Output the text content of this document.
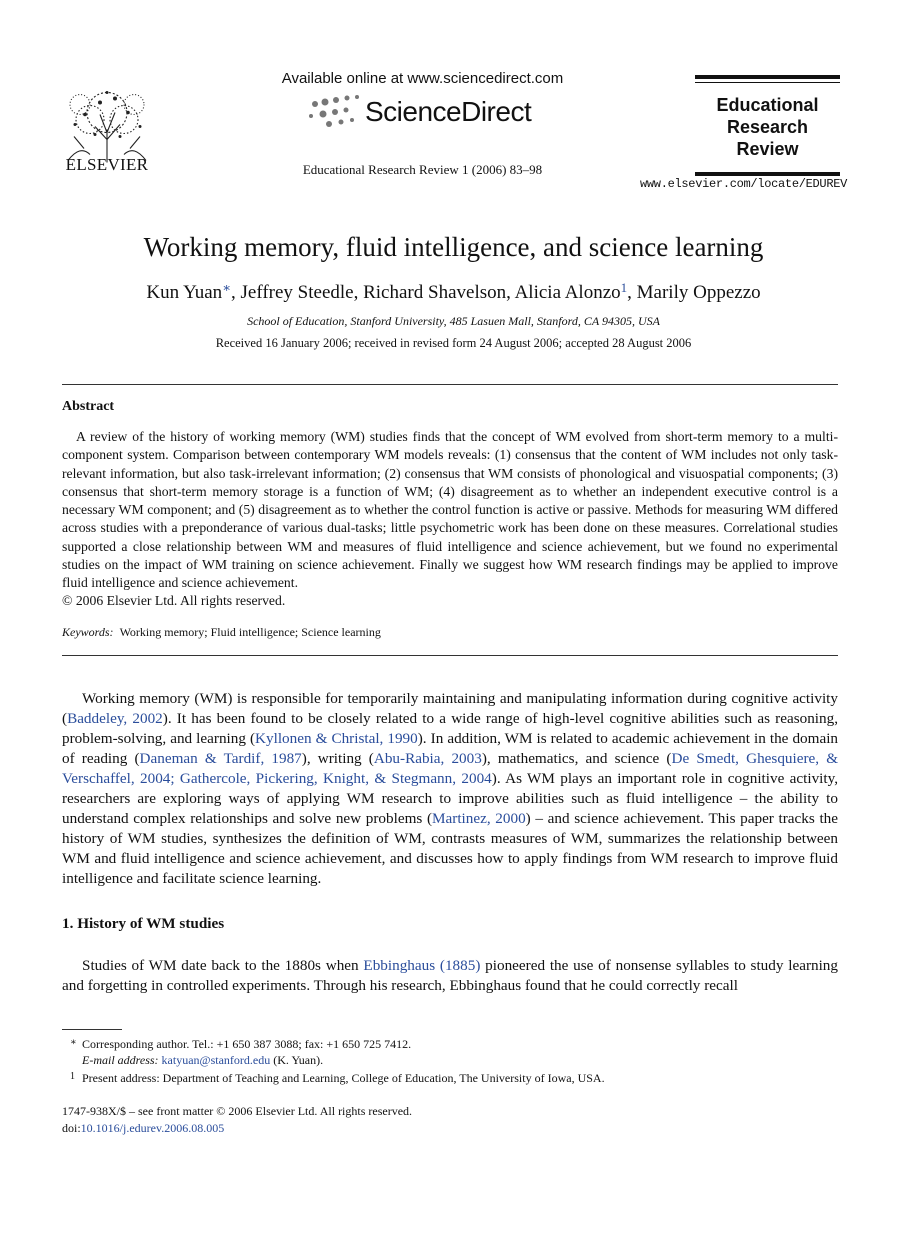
ELSEVIER
Available online at www.sciencedirect.com
ScienceDirect
Educational Research Review 1 (2006) 83–98
Educational
Research
Review
www.elsevier.com/locate/EDUREV
Working memory, fluid intelligence, and science learning
Kun Yuan∗, Jeffrey Steedle, Richard Shavelson, Alicia Alonzo$^1$, Marily Oppezzo
School of Education, Stanford University, 485 Lasuen Mall, Stanford, CA 94305, USA
Received 16 January 2006; received in revised form 24 August 2006; accepted 28 August 2006
Abstract
A review of the history of working memory (WM) studies finds that the concept of WM evolved from short-term memory to a multi-component system. Comparison between contemporary WM models reveals: (1) consensus that the content of WM includes not only task-relevant information, but also task-irrelevant information; (2) consensus that WM consists of phonological and visuospatial components; (3) consensus that short-term memory storage is a function of WM; (4) disagreement as to whether an independent executive control is a necessary WM component; and (5) disagreement as to whether the control function is active or passive. Methods for measuring WM differed across studies with a preponderance of various dual-tasks; little psychometric work has been done on these measures. Correlational studies supported a close relationship between WM and measures of fluid intelligence and science achievement, but we found no experimental studies on the impact of WM training on science achievement. Finally we suggest how WM research findings may be applied to improve fluid intelligence and science achievement.
© 2006 Elsevier Ltd. All rights reserved.
Keywords: Working memory; Fluid intelligence; Science learning
Working memory (WM) is responsible for temporarily maintaining and manipulating information during cognitive activity (Baddeley, 2002). It has been found to be closely related to a wide range of high-level cognitive abilities such as reasoning, problem-solving, and learning (Kyllonen & Christal, 1990). In addition, WM is related to academic achievement in the domain of reading (Daneman & Tardif, 1987), writing (Abu-Rabia, 2003), mathematics, and science (De Smedt, Ghesquiere, & Verschaffel, 2004; Gathercole, Pickering, Knight, & Stegmann, 2004). As WM plays an important role in cognitive activity, researchers are exploring ways of applying WM research to improve abilities such as fluid intelligence – the ability to understand complex relationships and solve new problems (Martinez, 2000) – and science achievement. This paper tracks the history of WM studies, synthesizes the definition of WM, contrasts measures of WM, summarizes the relationship between WM and fluid intelligence and science achievement, and discusses how to apply findings from WM research to improve fluid intelligence and facilitate science learning.
1. History of WM studies
Studies of WM date back to the 1880s when Ebbinghaus (1885) pioneered the use of nonsense syllables to study learning and forgetting in controlled experiments. Through his research, Ebbinghaus found that he could correctly recall
∗ Corresponding author. Tel.: +1 650 387 3088; fax: +1 650 725 7412.
E-mail address: katyuan@stanford.edu (K. Yuan).
1 Present address: Department of Teaching and Learning, College of Education, The University of Iowa, USA.
1747-938X/$ – see front matter © 2006 Elsevier Ltd. All rights reserved.
doi:10.1016/j.edurev.2006.08.005
